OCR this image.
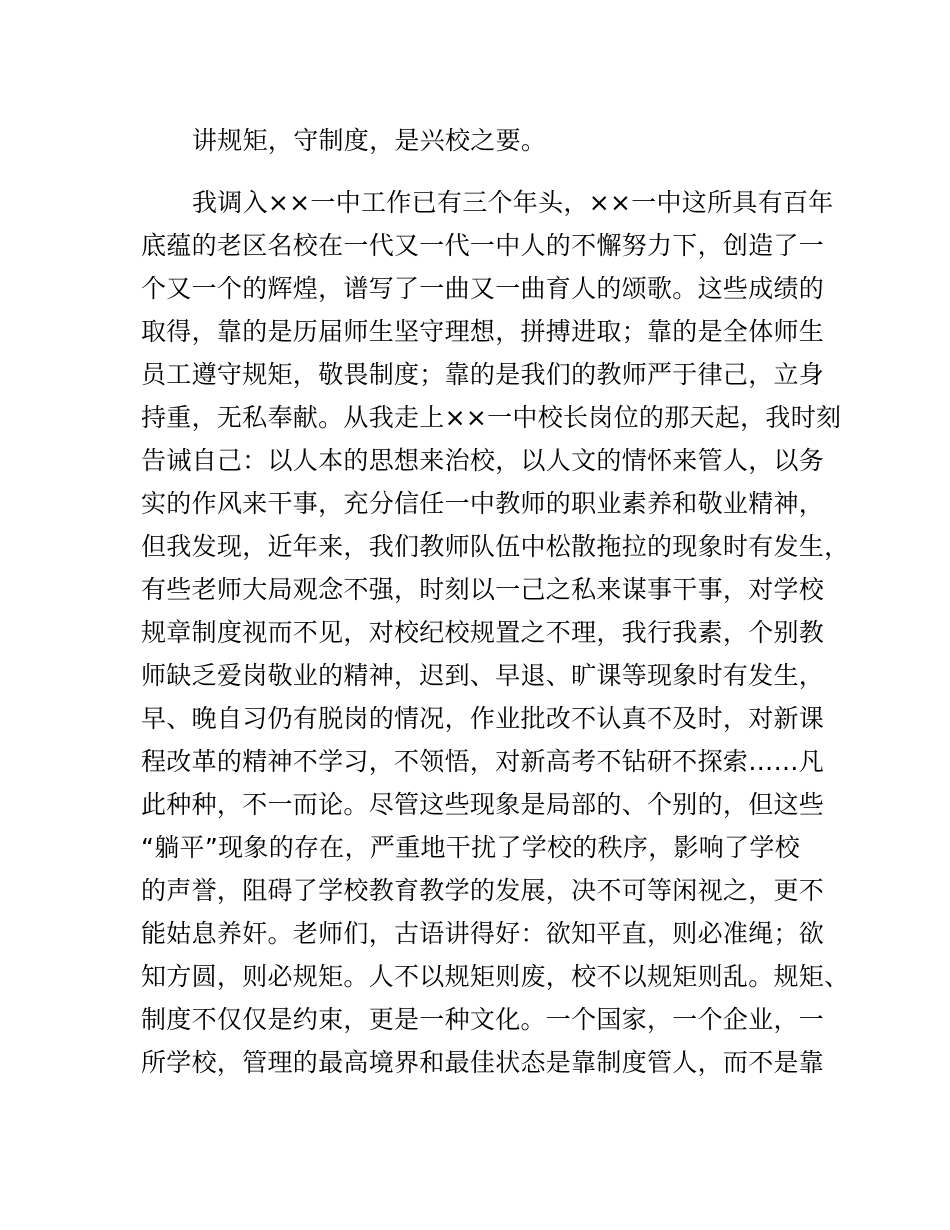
讲规矩，守制度，是兴校之要。
我调入××一中工作已有三个年头，××一中这所具有百年
底蕴的老区名校在一代又一代一中人的不懈努力下，创造了一
个又一个的辉煌，谱写了一曲又一曲育人的颂歌。这些成绩的
取得，靠的是历届师生坚守理想，拼搏进取；靠的是全体师生
员工遵守规矩，敬畏制度；靠的是我们的教师严于律己，立身
持重，无私奉献。从我走上××一中校长岗位的那天起，我时刻
告诫自己：以人本的思想来治校，以人文的情怀来管人，以务
实的作风来干事，充分信任一中教师的职业素养和敬业精神，
但我发现，近年来，我们教师队伍中松散拖拉的现象时有发生，
有些老师大局观念不强，时刻以一己之私来谋事干事，对学校
规章制度视而不见，对校纪校规置之不理，我行我素，个别教
师缺乏爱岗敬业的精神，迟到、早退、旷课等现象时有发生，
早、晚自习仍有脱岗的情况，作业批改不认真不及时，对新课
程改革的精神不学习，不领悟，对新高考不钻研不探索……凡
此种种，不一而论。尽管这些现象是局部的、个别的，但这些
“躺平”现象的存在，严重地干扰了学校的秩序，影响了学校
的声誉，阻碍了学校教育教学的发展，决不可等闲视之，更不
能姑息养奸。老师们，古语讲得好：欲知平直，则必准绳；欲
知方圆，则必规矩。人不以规矩则废，校不以规矩则乱。规矩、
制度不仅仅是约束，更是一种文化。一个国家，一个企业，一
所学校，管理的最高境界和最佳状态是靠制度管人，而不是靠
